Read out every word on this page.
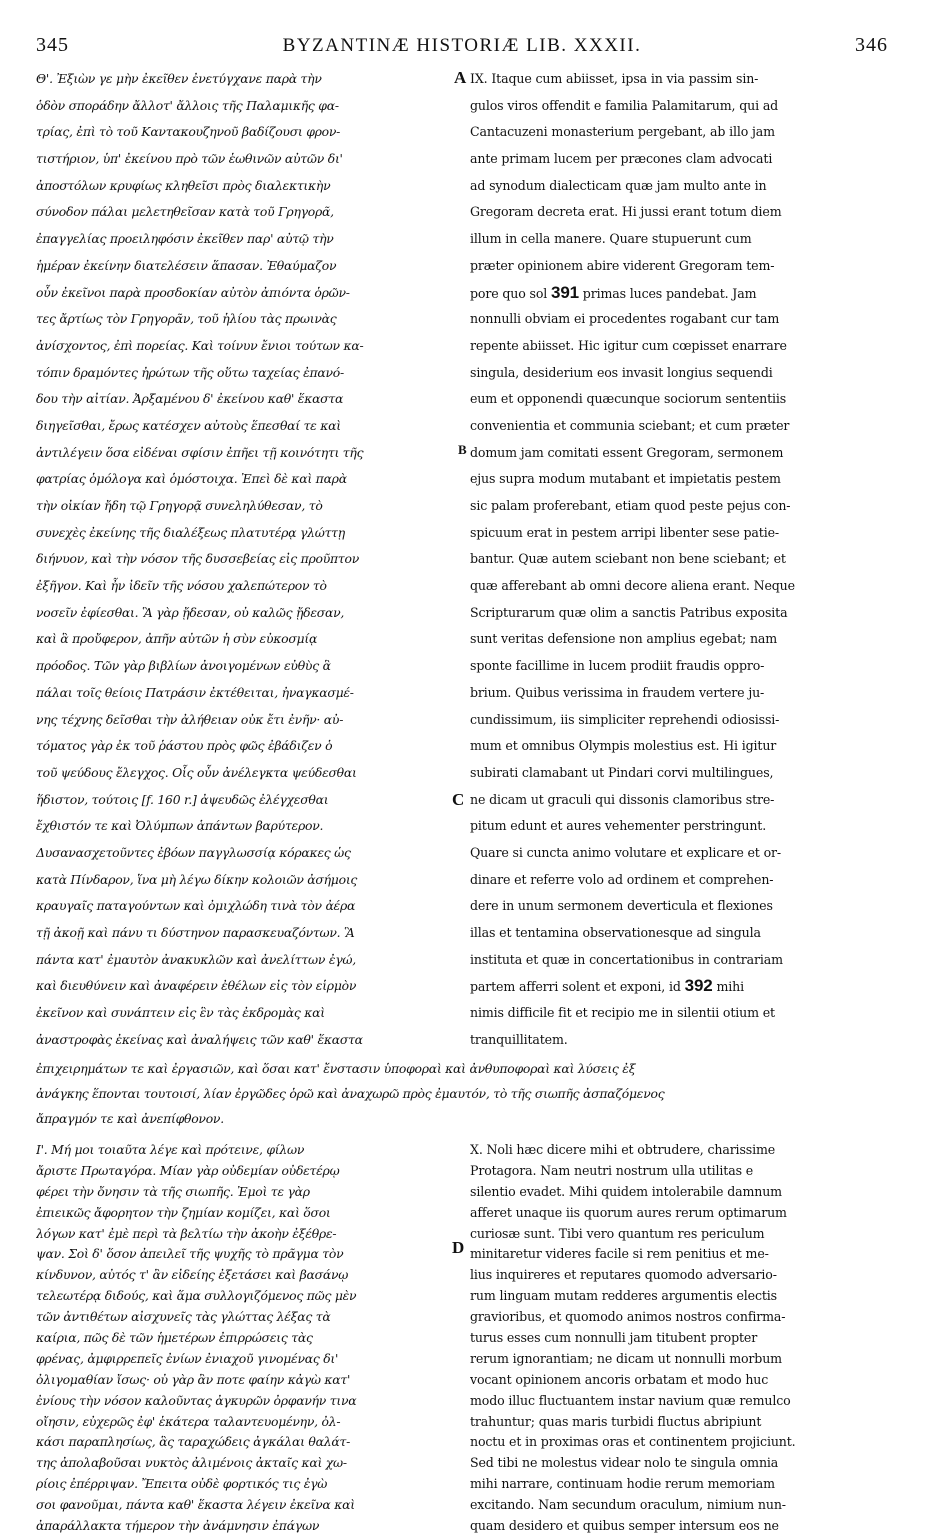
345	BYZANTINÆ HISTORIÆ LIB. XXXII.	346
Θ'. Ἐξιὼν γε μὴν ἐκεῖθεν ἐνετύγχανε παρὰ τὴν
ὁδὸν σποράδην ἄλλοτ' ἄλλοις τῆς Παλαμικῆς φα-
τρίας, ἐπὶ τὸ τοῦ Καντακουζηνοῦ βαδίζουσι φρον-
τιστήριον, ὑπ' ἐκείνου πρὸ τῶν ἑωθινῶν αὐτῶν δι'
ἀποστόλων κρυφίως κληθεῖσι πρὸς διαλεκτικὴν
σύνοδον πάλαι μελετηθεῖσαν κατὰ τοῦ Γρηγορᾶ,
ἐπαγγελίας προειληφόσιν ἐκεῖθεν παρ' αὐτῷ τὴν
ἡμέραν ἐκείνην διατελέσειν ἅπασαν. Ἐθαύμαζον
οὖν ἐκεῖνοι παρὰ προσδοκίαν αὐτὸν ἀπιόντα ὁρῶν-
τες ἄρτίως τὸν Γρηγορᾶν, τοῦ ἡλίου τὰς πρωινὰς
ἀνίσχοντος, ἐπὶ πορείας. Καὶ τοίνυν ἔνιοι τούτων κα-
τόπιν δραμόντες ἠρώτων τῆς οὕτω ταχείας ἐπανό-
δου τὴν αἰτίαν. Ἀρξαμένου δ' ἐκείνου καθ' ἕκαστα
διηγεῖσθαι, ἔρως κατέσχεν αὐτοὺς ἕπεσθαί τε καὶ
ἀντιλέγειν ὅσα εἰδέναι σφίσιν ἐπῆει τῇ κοινότητι τῆς
φατρίας ὁμόλογα καὶ ὁμόστοιχα. Ἐπεὶ δὲ καὶ παρὰ
τὴν οἰκίαν ἤδη τῷ Γρηγορᾷ συνεληλύθεσαν, τὸ
συνεχὲς ἐκείνης τῆς διαλέξεως πλατυτέρᾳ γλώττῃ
διήνυον, καὶ τὴν νόσον τῆς δυσσεβείας εἰς προῦπτον
ἐξῆγον. Καὶ ἦν ἰδεῖν τῆς νόσου χαλεπώτερον τὸ
νοσεῖν ἐφίεσθαι. Ἃ γὰρ ᾔδεσαν, οὐ καλῶς ᾔδεσαν,
καὶ ἃ προὔφερον, ἀπῆν αὐτῶν ἡ σὺν εὐκοσμίᾳ
πρόοδος. Τῶν γὰρ βιβλίων ἀνοιγομένων εὐθὺς ἃ
πάλαι τοῖς θείοις Πατράσιν ἐκτέθειται, ἠναγκασμέ-
νης τέχνης δεῖσθαι τὴν ἀλήθειαν οὐκ ἔτι ἐνῆν· αὐ-
τόματος γὰρ ἐκ τοῦ ῥάστου πρὸς φῶς ἐβάδιζεν ὁ
τοῦ ψεύδους ἔλεγχος. Οἷς οὖν ἀνέλεγκτα ψεύδεσθαι
ἥδιστον, τούτοις [f. 160 r.] ἀψευδῶς ἐλέγχεσθαι
ἔχθιστόν τε καὶ Ὀλύμπων ἁπάντων βαρύτερον.
Δυσανασχετοῦντες ἐβόων παγγλωσσίᾳ κόρακες ὡς
κατὰ Πίνδαρον, ἵνα μὴ λέγω δίκην κολοιῶν ἀσήμοις
κραυγαῖς παταγούντων καὶ ὀμιχλώδη τινὰ τὸν ἀέρα
τῇ ἀκοῇ καὶ πάνυ τι δύστηνον παρασκευαζόντων. Ἃ
πάντα κατ' ἐμαυτὸν ἀνακυκλῶν καὶ ἀνελίττων ἐγώ,
καὶ διευθύνειν καὶ ἀναφέρειν ἐθέλων εἰς τὸν εἱρμὸν
ἐκεῖνον καὶ συνάπτειν εἰς ἓν τὰς ἐκδρομὰς καὶ
ἀναστροφὰς ἐκείνας καὶ ἀναλήψεις τῶν καθ' ἕκαστα
IX. Itaque cum abiisset, ipsa in via passim sin-
gulos viros offendit e familia Palamitarum, qui ad
Cantacuzeni monasterium pergebant, ab illo jam
ante primam lucem per præcones clam advocati
ad synodum dialecticam quæ jam multo ante in
Gregoram decreta erat. Hi jussi erant totum diem
illum in cella manere. Quare stupuerunt cum
præter opinionem abire viderent Gregoram tem-
pore quo sol 391 primas luces pandebat. Jam
nonnulli obviam ei procedentes rogabant cur tam
repente abiisset. Hic igitur cum cœpisset enarrare
singula, desiderium eos invasit longius sequendi
eum et opponendi quæcunque sociorum sententiis
convenientia et communia sciebant; et cum præter
domum jam comitati essent Gregoram, sermonem
ejus supra modum mutabant et impietatis pestem
sic palam proferebant, etiam quod peste pejus con-
spicuum erat in pestem arripi libenter sese patie-
bantur. Quæ autem sciebant non bene sciebant; et
quæ afferebant ab omni decore aliena erant. Neque
Scripturarum quæ olim a sanctis Patribus exposita
sunt veritas defensione non amplius egebat; nam
sponte facillime in lucem prodiit fraudis oppro-
brium. Quibus verissima in fraudem vertere ju-
cundissimum, iis simpliciter reprehendi odiosissi-
mum et omnibus Olympis molestius est. Hi igitur
subirati clamabant ut Pindari corvi multilingues,
ne dicam ut graculi qui dissonis clamoribus stre-
pitum edunt et aures vehementer perstringunt.
Quare si cuncta animo volutare et explicare et or-
dinare et referre volo ad ordinem et comprehen-
dere in unum sermonem deverticula et flexiones
illas et tentamina observationesque ad singula
instituta et quæ in concertationibus in contrariam
partem afferri solent et exponi, id 392 mihi
nimis difficile fit et recipio me in silentii otium et
tranquillitatem.
ἐπιχειρημάτων τε καὶ ἐργασιῶν, καὶ ὅσαι κατ' ἔνστασιν ὑποφοραὶ καὶ ἀνθυποφοραὶ καὶ λύσεις ἐξ
ἀνάγκης ἕπονται τουτοισί, λίαν ἐργῶδες ὁρῶ καὶ ἀναχωρῶ πρὸς ἐμαυτόν, τὸ τῆς σιωπῆς ἀσπαζόμενος
ἄπραγμόν τε καὶ ἀνεπίφθονον.
Ι'. Μή μοι τοιαῦτα λέγε καὶ πρότεινε, φίλων
ἄριστε Πρωταγόρα. Μίαν γὰρ οὐδεμίαν οὐδετέρῳ
φέρει τὴν ὄνησιν τὰ τῆς σιωπῆς. Ἐμοὶ τε γὰρ
ἐπιεικῶς ἄφορητον τὴν ζημίαν κομίζει, καὶ ὅσοι
λόγων κατ' ἐμὲ περὶ τὰ βελτίω τὴν ἀκοὴν ἐξέθρε-
ψαν. Σοὶ δ' ὅσον ἀπειλεῖ τῆς ψυχῆς τὸ πρᾶγμα τὸν
κίνδυνον, αὐτός τ' ἂν εἰδείης ἐξετάσει καὶ βασάνῳ
τελεωτέρᾳ διδούς, καὶ ἅμα συλλογιζόμενος πῶς μὲν
τῶν ἀντιθέτων αἰσχυνεῖς τὰς γλώττας λέξας τὰ
καίρια, πῶς δὲ τῶν ἡμετέρων ἐπιρρώσεις τὰς
φρένας, ἀμφιρρεπεῖς ἐνίων ἐνιαχοῦ γινομένας δι'
ὀλιγομαθίαν ἴσως· οὐ γὰρ ἂν ποτε φαίην κἀγὼ κατ'
ἐνίους τὴν νόσον καλοῦντας ἀγκυρῶν ὀρφανήν τινα
οἴησιν, εὐχερῶς ἐφ' ἑκάτερα ταλαντευομένην, ὀλ-
κάσι παραπλησίως, ἃς ταραχώδεις ἀγκάλαι θαλάτ-
της ἀπολαβοῦσαι νυκτὸς ἀλιμένοις ἀκταῖς καὶ χω-
ρίοις ἐπέρριψαν. Ἔπειτα οὐδὲ φορτικός τις ἐγὼ
σοι φανοῦμαι, πάντα καθ' ἕκαστα λέγειν ἐκεῖνα καὶ
ἀπαράλλακτα τήμερον τὴν ἀνάμνησιν ἐπάγων
X. Noli hæc dicere mihi et obtrudere, charissime
Protagora. Nam neutri nostrum ulla utilitas e
silentio evadet. Mihi quidem intolerabile damnum
afferet unaque iis quorum aures rerum optimarum
curiosæ sunt. Tibi vero quantum res periculum
minitaretur videres facile si rem penitius et me-
lius inquireres et reputares quomodo adversario-
rum linguam mutam redderes argumentis electis
gravioribus, et quomodo animos nostros confirma-
turus esses cum nonnulli jam titubent propter
rerum ignorantiam; ne dicam ut nonnulli morbum
vocant opinionem ancoris orbatam et modo huc
modo illuc fluctuantem instar navium quæ remulco
trahuntur; quas maris turbidi fluctus abripiunt
noctu et in proximas oras et continentem projiciunt.
Sed tibi ne molestus videar nolo te singula omnia
mihi narrare, continuam hodie rerum memoriam
excitando. Nam secundum oraculum, nimium nun-
quam desidero et quibus semper intersum eos ne
A
B
C
D
